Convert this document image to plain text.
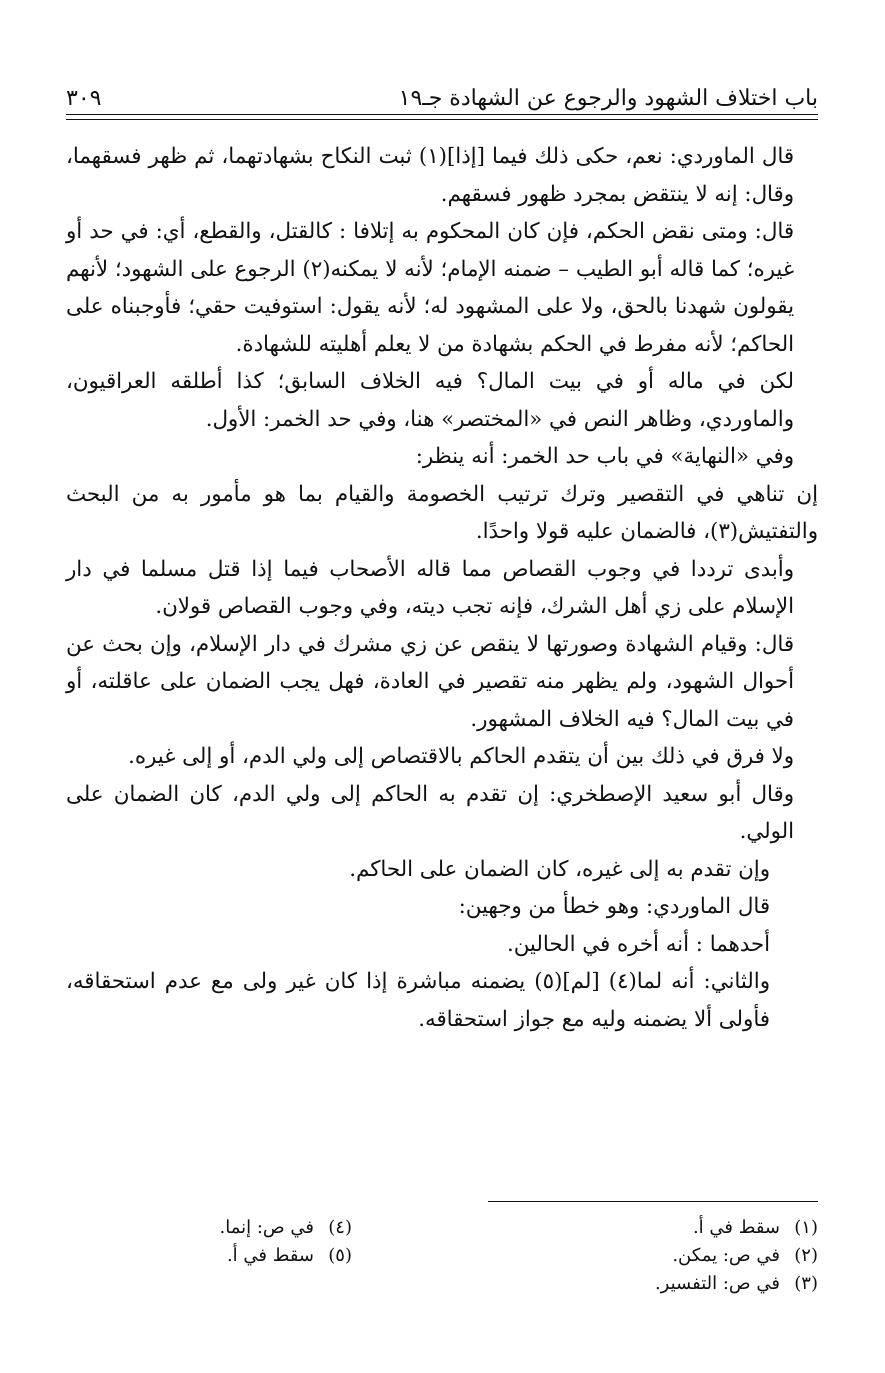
باب اختلاف الشهود والرجوع عن الشهادة جـ١٩
٣٠٩

قال الماوردي: نعم، حكى ذلك فيما [إذا](١) ثبت النكاح بشهادتهما، ثم ظهر فسقهما، وقال: إنه لا ينتقض بمجرد ظهور فسقهم.

قال: ومتى نقض الحكم، فإن كان المحكوم به إتلافا : كالقتل، والقطع، أي: في حد أو غيره؛ كما قاله أبو الطيب – ضمنه الإمام؛ لأنه لا يمكنه(٢) الرجوع على الشهود؛ لأنهم يقولون شهدنا بالحق، ولا على المشهود له؛ لأنه يقول: استوفيت حقي؛ فأوجبناه على الحاكم؛ لأنه مفرط في الحكم بشهادة من لا يعلم أهليته للشهادة.

لكن في ماله أو في بيت المال؟ فيه الخلاف السابق؛ كذا أطلقه العراقيون، والماوردي، وظاهر النص في «المختصر» هنا، وفي حد الخمر: الأول.

وفي «النهاية» في باب حد الخمر: أنه ينظر:

إن تناهي في التقصير وترك ترتيب الخصومة والقيام بما هو مأمور به من البحث والتفتيش(٣)، فالضمان عليه قولا واحدًا.

وأبدى ترددا في وجوب القصاص مما قاله الأصحاب فيما إذا قتل مسلما في دار الإسلام على زي أهل الشرك، فإنه تجب ديته، وفي وجوب القصاص قولان.

قال: وقيام الشهادة وصورتها لا ينقص عن زي مشرك في دار الإسلام، وإن بحث عن أحوال الشهود، ولم يظهر منه تقصير في العادة، فهل يجب الضمان على عاقلته، أو في بيت المال؟ فيه الخلاف المشهور.

ولا فرق في ذلك بين أن يتقدم الحاكم بالاقتصاص إلى ولي الدم، أو إلى غيره.

وقال أبو سعيد الإصطخري: إن تقدم به الحاكم إلى ولي الدم، كان الضمان على الولي.

وإن تقدم به إلى غيره، كان الضمان على الحاكم.

قال الماوردي: وهو خطأ من وجهين:

أحدهما : أنه أخره في الحالين.

والثاني: أنه لما(٤) [لم](٥) يضمنه مباشرة إذا كان غير ولى مع عدم استحقاقه، فأولى ألا يضمنه وليه مع جواز استحقاقه.

(١)سقط في أ.

(٢)في ص: يمكن.

(٣)في ص: التفسير.

(٤)في ص: إنما.

(٥)سقط في أ.
